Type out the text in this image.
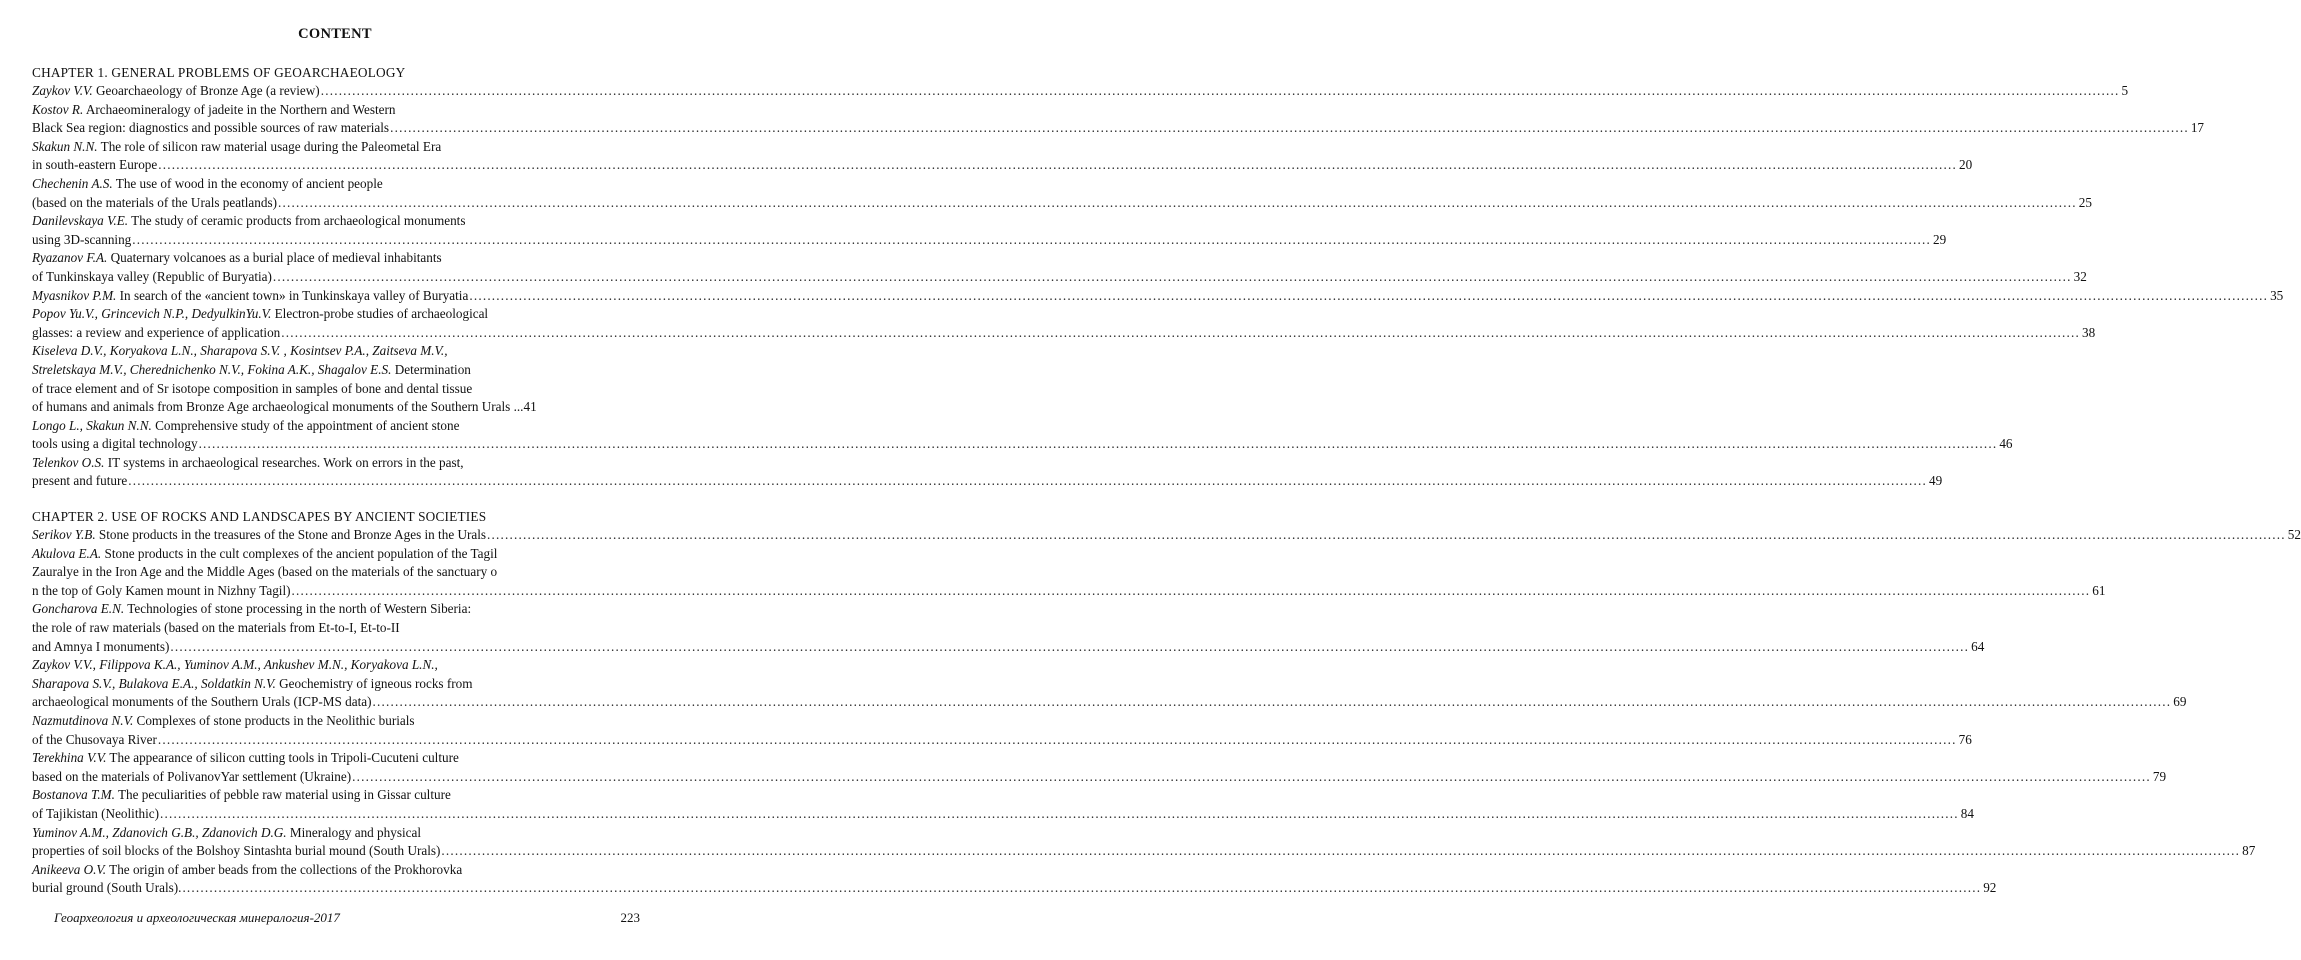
CONTENT
CHAPTER 1. GENERAL PROBLEMS OF GEOARCHAEOLOGY
Zaykov V.V. Geoarchaeology of Bronze Age (a review) ................................................................................................................................................................................................................................................................................................................................................................................................................ 5
Kostov R. Archaeomineralogy of jadeite in the Northern and Western
Black Sea region: diagnostics and possible sources of raw materials ................................................................................................................................................................................................................................................................................................................................................................................................................ 17
Skakun N.N. The role of silicon raw material usage during the Paleometal Era
in south-eastern Europe ................................................................................................................................................................................................................................................................................................................................................................................................................ 20
Chechenin A.S. The use of wood in the economy of ancient people
(based on the materials of the Urals peatlands) ................................................................................................................................................................................................................................................................................................................................................................................................................ 25
Danilevskaya V.E. The study of ceramic products from archaeological monuments
using 3D-scanning ................................................................................................................................................................................................................................................................................................................................................................................................................ 29
Ryazanov F.A. Quaternary volcanoes as a burial place of medieval inhabitants
of Tunkinskaya valley (Republic of Buryatia) ................................................................................................................................................................................................................................................................................................................................................................................................................ 32
Myasnikov P.M. In search of the «ancient town» in Tunkinskaya valley of Buryatia ................................................................................................................................................................................................................................................................................................................................................................................................................ 35
Popov Yu.V., Grincevich N.P., DedyulkinYu.V. Electron-probe studies of archaeological
glasses: a review and experience of application ................................................................................................................................................................................................................................................................................................................................................................................................................ 38
Kiseleva D.V., Koryakova L.N., Sharapova S.V. , Kosintsev P.A., Zaitseva M.V.,
Streletskaya M.V., Cherednichenko N.V., Fokina A.K., Shagalov E.S. Determination
of trace element and of Sr isotope composition in samples of bone and dental tissue
of humans and animals from Bronze Age archaeological monuments of the Southern Urals ...41
Longo L., Skakun N.N. Comprehensive study of the appointment of ancient stone
tools using a digital technology ................................................................................................................................................................................................................................................................................................................................................................................................................ 46
Telenkov O.S. IT systems in archaeological researches. Work on errors in the past,
present and future ................................................................................................................................................................................................................................................................................................................................................................................................................ 49
CHAPTER 2. USE OF ROCKS AND LANDSCAPES BY ANCIENT SOCIETIES
Serikov Y.B. Stone products in the treasures of the Stone and Bronze Ages in the Urals ................................................................................................................................................................................................................................................................................................................................................................................................................ 52
Akulova E.A. Stone products in the cult complexes of the ancient population of the Tagil
Zauralye in the Iron Age and the Middle Ages (based on the materials of the sanctuary o
n the top of Goly Kamen mount in Nizhny Tagil) ................................................................................................................................................................................................................................................................................................................................................................................................................ 61
Goncharova E.N. Technologies of stone processing in the north of Western Siberia:
the role of raw materials (based on the materials from Et-to-I, Et-to-II
and Amnya I monuments) ................................................................................................................................................................................................................................................................................................................................................................................................................ 64
Zaykov V.V., Filippova K.A., Yuminov A.M., Ankushev M.N., Koryakova L.N.,
Sharapova S.V., Bulakova E.A., Soldatkin N.V. Geochemistry of igneous rocks from
archaeological monuments of the Southern Urals (ICP-MS data) ................................................................................................................................................................................................................................................................................................................................................................................................................ 69
Nazmutdinova N.V. Complexes of stone products in the Neolithic burials
of the Chusovaya River ................................................................................................................................................................................................................................................................................................................................................................................................................ 76
Terekhina V.V. The appearance of silicon cutting tools in Tripoli-Cucuteni culture
based on the materials of PolivanovYar settlement (Ukraine) ................................................................................................................................................................................................................................................................................................................................................................................................................ 79
Bostanova T.M. The peculiarities of pebble raw material using in Gissar culture
of Tajikistan (Neolithic) ................................................................................................................................................................................................................................................................................................................................................................................................................ 84
Yuminov A.M., Zdanovich G.B., Zdanovich D.G. Mineralogy and physical
properties of soil blocks of the Bolshoy Sintashta burial mound (South Urals) ................................................................................................................................................................................................................................................................................................................................................................................................................ 87
Anikeeva O.V. The origin of amber beads from the collections of the Prokhorovka
burial ground (South Urals). ................................................................................................................................................................................................................................................................................................................................................................................................................ 92
Геоархеология и археологическая минералогия-2017	223
